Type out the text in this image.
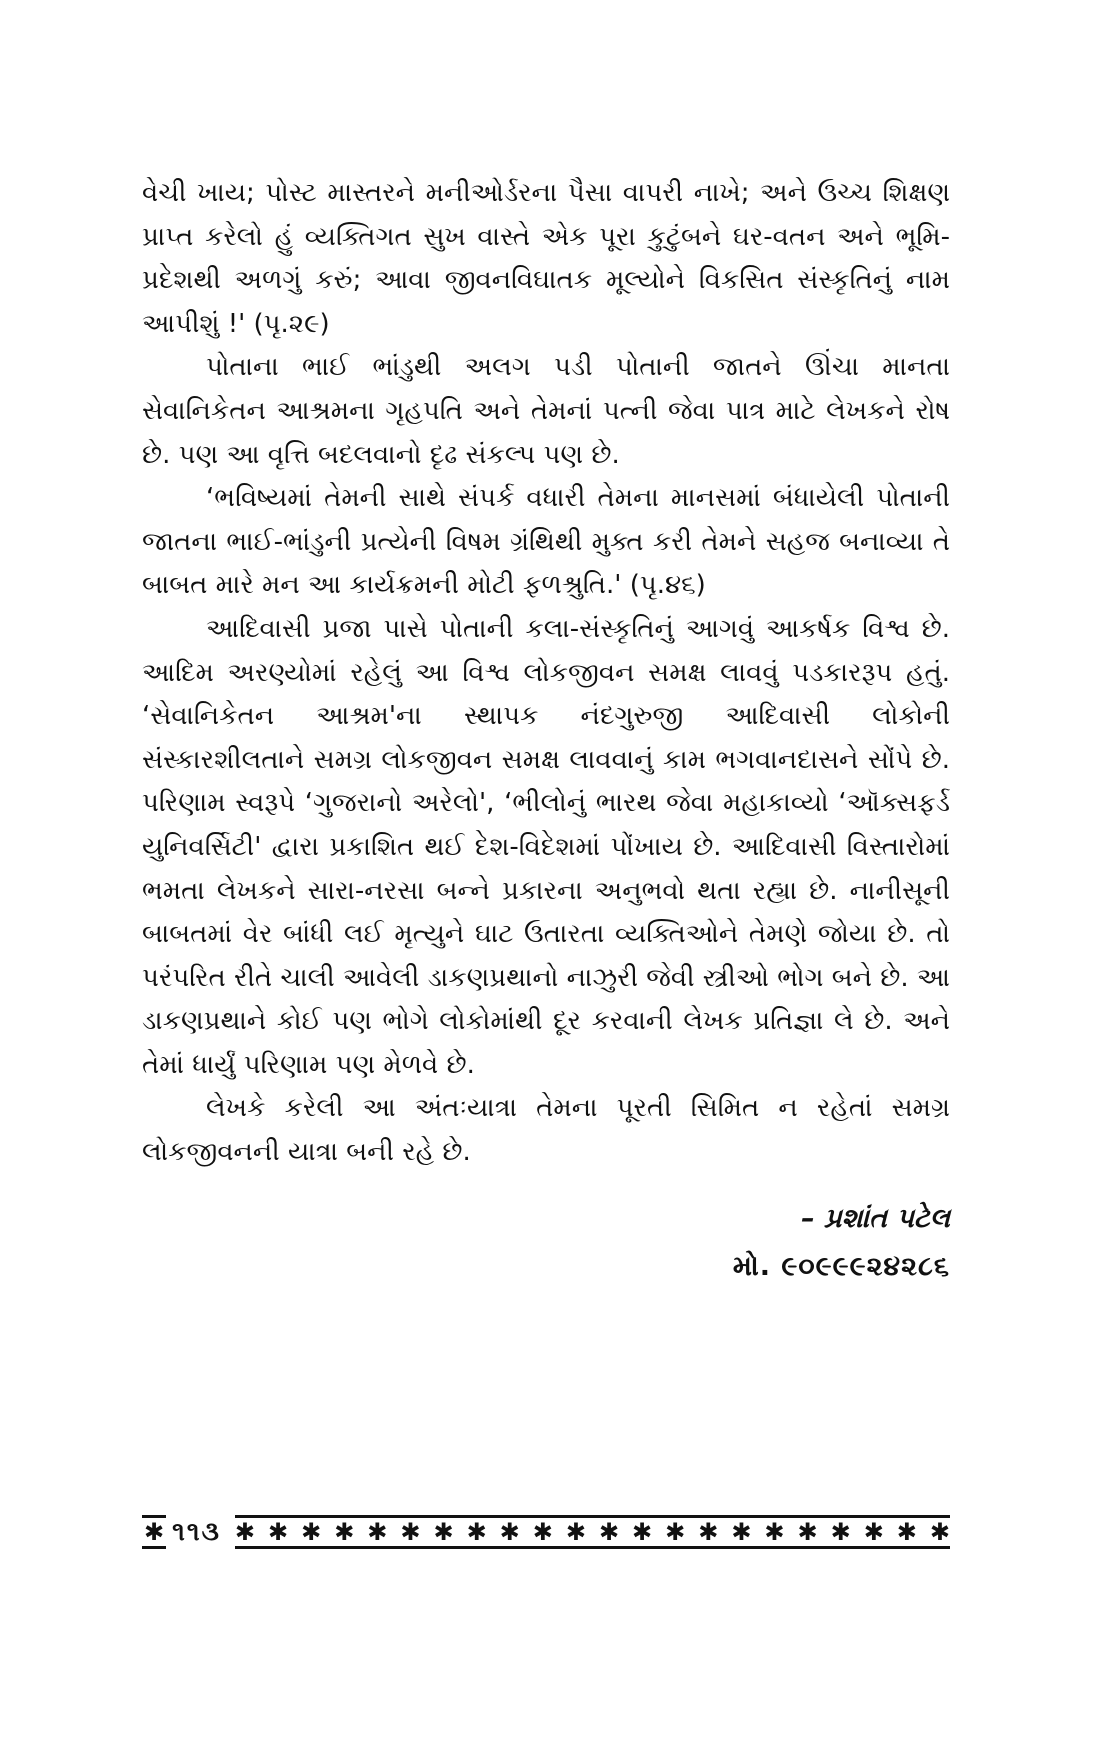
વેચી ખાય; પોસ્ટ માસ્તરને મનીઓર્ડરના પૈસા વાપરી નાખે; અને ઉચ્ચ શિક્ષણ પ્રાપ્ત કરેલો હું વ્યક્તિગત સુખ વાસ્તે એક પૂરા કુટુંબને ઘર-વતન અને ભૂમિ-પ્રદેશથી અળગું કરું; આવા જીવનવિઘાતક મૂલ્યોને વિકસિત સંસ્કૃતિનું નામ આપીશું !' (પૃ.૨૯)

પોતાના ભાઈ ભાંડુથી અલગ પડી પોતાની જાતને ઊંચા માનતા સેવાનિકેતન આશ્રમના ગૃહપતિ અને તેમનાં પત્ની જેવા પાત્ર માટે લેખકને રોષ છે. પણ આ વૃત્તિ બદલવાનો દૃઢ સંકલ્પ પણ છે.

‘ભવિષ્યમાં તેમની સાથે સંપર્ક વધારી તેમના માનસમાં બંધાયેલી પોતાની જાતના ભાઈ-ભાંડુની પ્રત્યેની વિષમ ગ્રંથિથી મુક્ત કરી તેમને સહજ બનાવ્યા તે બાબત મારે મન આ કાર્યક્રમની મોટી ફળશ્રુતિ.' (પૃ.૪૬)

આદિવાસી પ્રજા પાસે પોતાની કલા-સંસ્કૃતિનું આગવું આકર્ષક વિશ્વ છે. આદિમ અરણ્યોમાં રહેલું આ વિશ્વ લોકજીવન સમક્ષ લાવવું પડકારરૂપ હતું. ‘સેવાનિકેતન આશ્રમ'ના સ્થાપક નંદગુરુજી આદિવાસી લોકોની સંસ્કારશીલતાને સમગ્ર લોકજીવન સમક્ષ લાવવાનું કામ ભગવાનદાસને સોંપે છે. પરિણામ સ્વરૂપે ‘ગુજરાનો અરેલો', ‘ભીલોનું ભારથ જેવા મહાકાવ્યો ‘ઑક્સફર્ડ યુનિવર્સિટી' દ્વારા પ્રકાશિત થઈ દેશ-વિદેશમાં પોંખાય છે. આદિવાસી વિસ્તારોમાં ભમતા લેખકને સારા-નરસા બન્ને પ્રકારના અનુભવો થતા રહ્યા છે. નાનીસૂની બાબતમાં વેર બાંધી લઈ મૃત્યુને ઘાટ ઉતારતા વ્યક્તિઓને તેમણે જોયા છે. તો પરંપરિત રીતે ચાલી આવેલી ડાકણપ્રથાનો નાઝુરી જેવી સ્ત્રીઓ ભોગ બને છે. આ ડાકણપ્રથાને કોઈ પણ ભોગે લોકોમાંથી દૂર કરવાની લેખક પ્રતિજ્ઞા લે છે. અને તેમાં ધાર્યું પરિણામ પણ મેળવે છે.

લેખકે કરેલી આ અંતઃયાત્રા તેમના પૂરતી સિમિત ન રહેતાં સમગ્ર લોકજીવનની યાત્રા બની રહે છે.

– પ્રશાંત પટેલ
મો. ૯૦૯૯૯૨૪૨૮૬
✱ ૧૧૩ ✱ ✱ ✱ ✱ ✱ ✱ ✱ ✱ ✱ ✱ ✱ ✱ ✱ ✱ ✱ ✱ ✱ ✱ ✱ ✱ ✱ ✱
